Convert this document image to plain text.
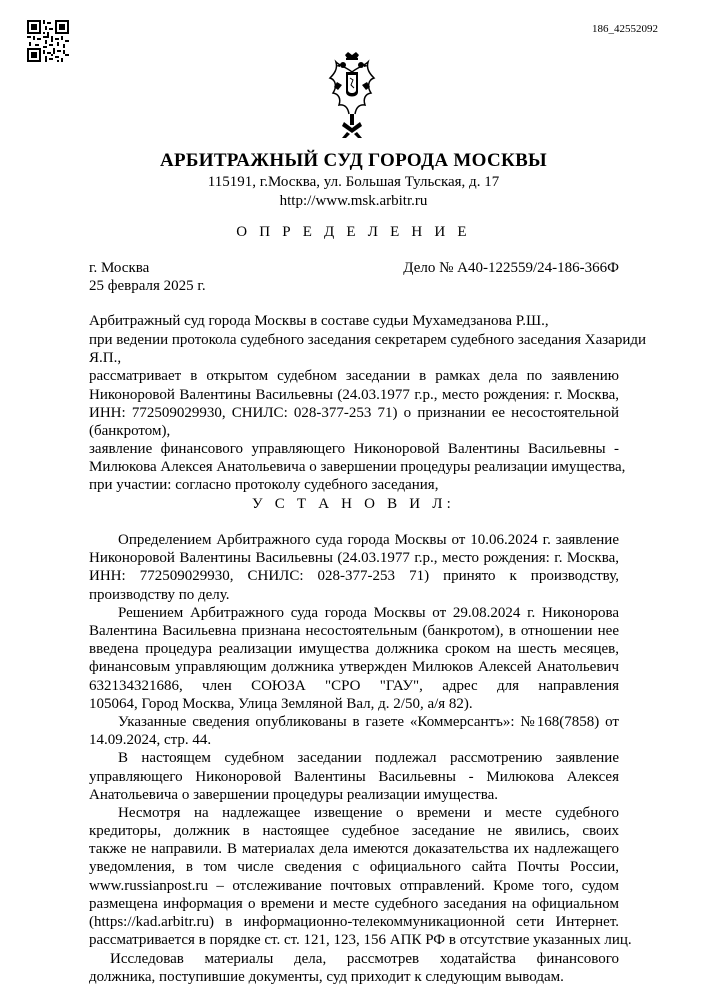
186_42552092
АРБИТРАЖНЫЙ СУД ГОРОДА МОСКВЫ
115191, г.Москва, ул. Большая Тульская, д. 17
http://www.msk.arbitr.ru
О П Р Е Д Е Л Е Н И Е
г. Москва
25 февраля 2025 г.
Дело № А40-122559/24-186-366Ф
Арбитражный суд города Москвы в составе судьи Мухамедзанова Р.Ш.,
при ведении протокола судебного заседания секретарем судебного заседания Хазариди
Я.П.,
рассматривает в открытом судебном заседании в рамках дела по заявлению
Никоноровой Валентины Васильевны (24.03.1977 г.р., место рождения: г. Москва,
ИНН: 772509029930, СНИЛС: 028-377-253 71) о признании ее несостоятельной
(банкротом),
заявление финансового управляющего Никоноровой Валентины Васильевны -
Милюкова Алексея Анатольевича о завершении процедуры реализации имущества,
при участии: согласно протоколу судебного заседания,
У С Т А Н О В И Л:
Определением Арбитражного суда города Москвы от 10.06.2024 г. заявление
Никоноровой Валентины Васильевны (24.03.1977 г.р., место рождения: г. Москва,
ИНН: 772509029930, СНИЛС: 028-377-253 71) принято к производству,
производству по делу.
Решением Арбитражного суда города Москвы от 29.08.2024 г. Никонорова
Валентина Васильевна признана несостоятельным (банкротом), в отношении нее
введена процедура реализации имущества должника сроком на шесть месяцев,
финансовым управляющим должника утвержден Милюков Алексей Анатольевич
632134321686, член СОЮЗА "СРО "ГАУ", адрес для направления
105064, Город Москва, Улица Земляной Вал, д. 2/50, а/я 82).
Указанные сведения опубликованы в газете «Коммерсантъ»: №168(7858) от
14.09.2024, стр. 44.
В настоящем судебном заседании подлежал рассмотрению заявление
управляющего Никоноровой Валентины Васильевны - Милюкова Алексея
Анатольевича о завершении процедуры реализации имущества.
Несмотря на надлежащее извещение о времени и месте судебного
кредиторы, должник в настоящее судебное заседание не явились, своих
также не направили. В материалах дела имеются доказательства их надлежащего
уведомления, в том числе сведения с официального сайта Почты России,
www.russianpost.ru – отслеживание почтовых отправлений. Кроме того, судом
размещена информация о времени и месте судебного заседания на официальном
(https://kad.arbitr.ru) в информационно-телекоммуникационной сети Интернет.
рассматривается в порядке ст. ст. 121, 123, 156 АПК РФ в отсутствие указанных лиц.
Исследовав материалы дела, рассмотрев ходатайства финансового
должника, поступившие документы, суд приходит к следующим выводам.
